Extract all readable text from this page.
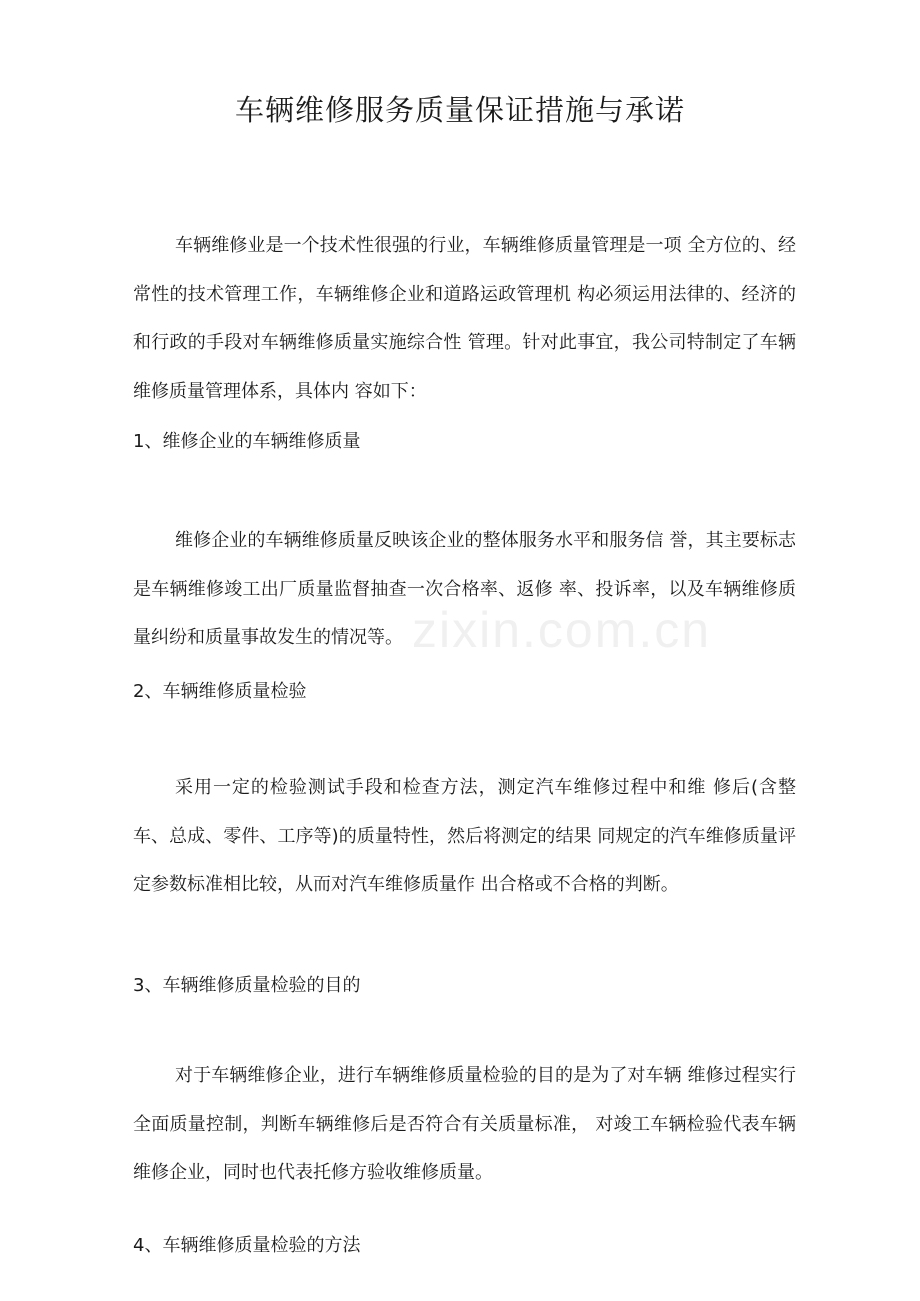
车辆维修服务质量保证措施与承诺

车辆维修业是一个技术性很强的行业，车辆维修质量管理是一项 全方位的、经常性的技术管理工作，车辆维修企业和道路运政管理机 构必须运用法律的、经济的和行政的手段对车辆维修质量实施综合性 管理。针对此事宜，我公司特制定了车辆维修质量管理体系，具体内 容如下：

1、维修企业的车辆维修质量

维修企业的车辆维修质量反映该企业的整体服务水平和服务信 誉，其主要标志是车辆维修竣工出厂质量监督抽查一次合格率、返修 率、投诉率，以及车辆维修质量纠纷和质量事故发生的情况等。

2、车辆维修质量检验

采用一定的检验测试手段和检查方法，测定汽车维修过程中和维 修后(含整车、总成、零件、工序等)的质量特性，然后将测定的结果 同规定的汽车维修质量评定参数标准相比较，从而对汽车维修质量作 出合格或不合格的判断。

3、车辆维修质量检验的目的

对于车辆维修企业，进行车辆维修质量检验的目的是为了对车辆 维修过程实行全面质量控制，判断车辆维修后是否符合有关质量标准， 对竣工车辆检验代表车辆维修企业，同时也代表托修方验收维修质量。

4、车辆维修质量检验的方法
zixin.com.cn
